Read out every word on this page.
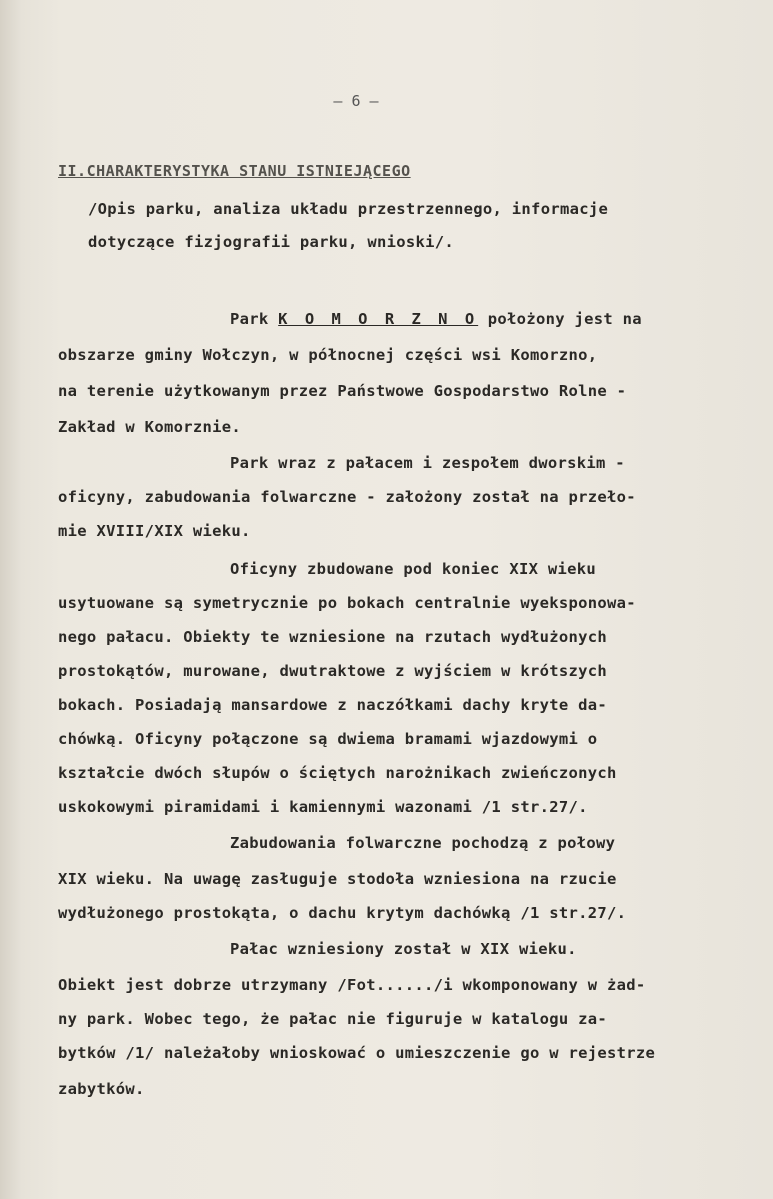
– 6 –
II.CHARAKTERYSTYKA STANU ISTNIEJĄCEGO
/Opis parku, analiza układu przestrzennego, informacje
dotyczące fizjografii parku, wnioski/.
Park K O M O R Z N O położony jest na
obszarze gminy Wołczyn, w północnej części wsi Komorzno,
na terenie użytkowanym przez Państwowe Gospodarstwo Rolne -
Zakład w Komorznie.
Park wraz z pałacem i zespołem dworskim -
oficyny, zabudowania folwarczne - założony został na przeło-
mie XVIII/XIX wieku.
Oficyny zbudowane pod koniec XIX wieku
usytuowane są symetrycznie po bokach centralnie wyeksponowa-
nego pałacu. Obiekty te wzniesione na rzutach wydłużonych
prostokątów, murowane, dwutraktowe z wyjściem w krótszych
bokach. Posiadają mansardowe z naczółkami dachy kryte da-
chówką. Oficyny połączone są dwiema bramami wjazdowymi o
kształcie dwóch słupów o ściętych narożnikach zwieńczonych
uskokowymi piramidami i kamiennymi wazonami /1 str.27/.
Zabudowania folwarczne pochodzą z połowy
XIX wieku. Na uwagę zasługuje stodoła wzniesiona na rzucie
wydłużonego prostokąta, o dachu krytym dachówką /1 str.27/.
Pałac wzniesiony został w XIX wieku.
Obiekt jest dobrze utrzymany /Fot....../i wkomponowany w żad-
ny park. Wobec tego, że pałac nie figuruje w katalogu za-
bytków /1/ należałoby wnioskować o umieszczenie go w rejestrze
zabytków.
